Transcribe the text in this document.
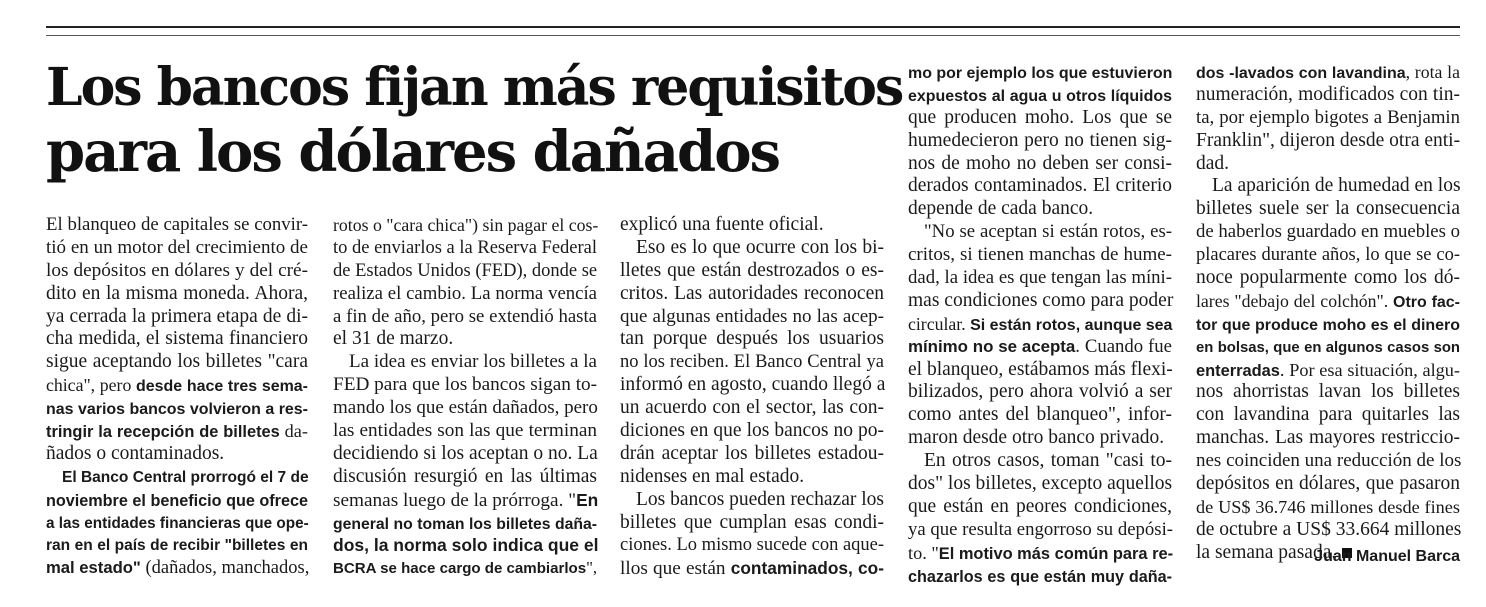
Los bancos fijan más requisitos
para los dólares dañados
El blanqueo de capitales se convir-
tió en un motor del crecimiento de
los depósitos en dólares y del cré-
dito en la misma moneda. Ahora,
ya cerrada la primera etapa de di-
cha medida, el sistema financiero
sigue aceptando los billetes "cara
chica", pero desde hace tres sema-
nas varios bancos volvieron a res-
tringir la recepción de billetes da-
ñados o contaminados.
El Banco Central prorrogó el 7 de
noviembre el beneficio que ofrece
a las entidades financieras que ope-
ran en el país de recibir "billetes en
mal estado" (dañados, manchados,
rotos o "cara chica") sin pagar el cos-
to de enviarlos a la Reserva Federal
de Estados Unidos (FED), donde se
realiza el cambio. La norma vencía
a fin de año, pero se extendió hasta
el 31 de marzo.
La idea es enviar los billetes a la
FED para que los bancos sigan to-
mando los que están dañados, pero
las entidades son las que terminan
decidiendo si los aceptan o no. La
discusión resurgió en las últimas
semanas luego de la prórroga. "En
general no toman los billetes daña-
dos, la norma solo indica que el
BCRA se hace cargo de cambiarlos",
explicó una fuente oficial.
Eso es lo que ocurre con los bi-
lletes que están destrozados o es-
critos. Las autoridades reconocen
que algunas entidades no las acep-
tan porque después los usuarios
no los reciben. El Banco Central ya
informó en agosto, cuando llegó a
un acuerdo con el sector, las con-
diciones en que los bancos no po-
drán aceptar los billetes estadou-
nidenses en mal estado.
Los bancos pueden rechazar los
billetes que cumplan esas condi-
ciones. Lo mismo sucede con aque-
llos que están contaminados, co-
mo por ejemplo los que estuvieron
expuestos al agua u otros líquidos
que producen moho. Los que se
humedecieron pero no tienen sig-
nos de moho no deben ser consi-
derados contaminados. El criterio
depende de cada banco.
"No se aceptan si están rotos, es-
critos, si tienen manchas de hume-
dad, la idea es que tengan las míni-
mas condiciones como para poder
circular. Si están rotos, aunque sea
mínimo no se acepta. Cuando fue
el blanqueo, estábamos más flexi-
bilizados, pero ahora volvió a ser
como antes del blanqueo", infor-
maron desde otro banco privado.
En otros casos, toman "casi to-
dos" los billetes, excepto aquellos
que están en peores condiciones,
ya que resulta engorroso su depósi-
to. "El motivo más común para re-
chazarlos es que están muy daña-
dos -lavados con lavandina, rota la
numeración, modificados con tin-
ta, por ejemplo bigotes a Benjamin
Franklin", dijeron desde otra enti-
dad.
La aparición de humedad en los
billetes suele ser la consecuencia
de haberlos guardado en muebles o
placares durante años, lo que se co-
noce popularmente como los dó-
lares "debajo del colchón". Otro fac-
tor que produce moho es el dinero
en bolsas, que en algunos casos son
enterradas. Por esa situación, algu-
nos ahorristas lavan los billetes
con lavandina para quitarles las
manchas. Las mayores restriccio-
nes coinciden una reducción de los
depósitos en dólares, que pasaron
de US$ 36.746 millones desde fines
de octubre a US$ 33.664 millones
la semana pasada.
Juan Manuel Barca
